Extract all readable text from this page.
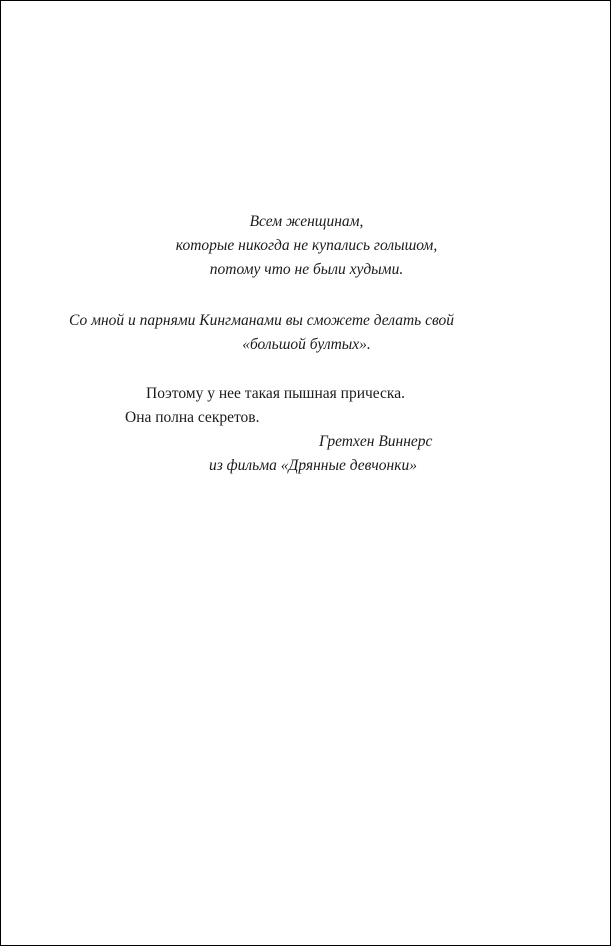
Всем женщинам,
которые никогда не купались голышом,
потому что не были худыми.
Со мной и парнями Кингманами вы сможете делать свой
«большой бултых».
Поэтому у нее такая пышная прическа.
Она полна секретов.
Гретхен Виннерс
из фильма «Дрянные девчонки»
